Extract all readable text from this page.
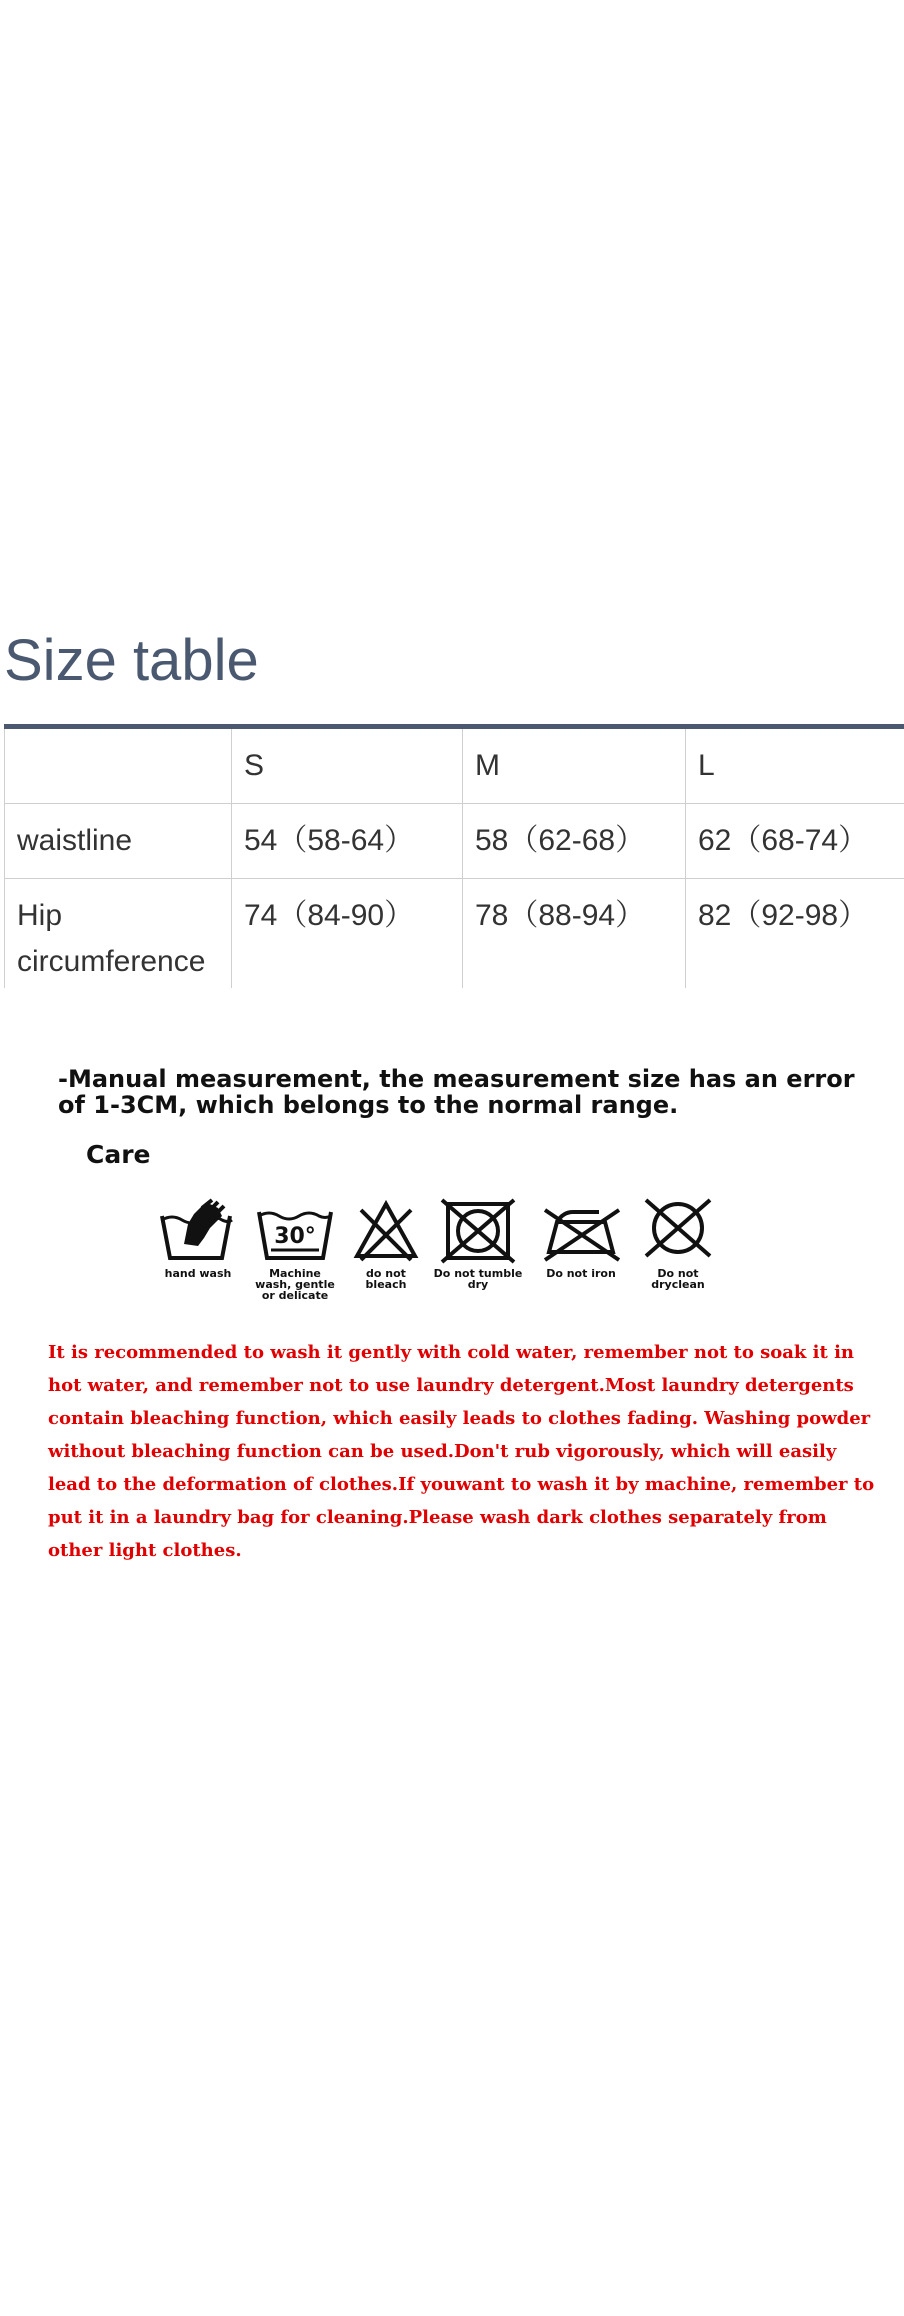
Size table
	S	M	L
waistline	54（58-64）	58（62-68）	62（68-74）
Hip circumference	74（84-90）	78（88-94）	82（92-98）

-Manual measurement, the measurement size has an error of 1-3CM, which belongs to the normal range.

Care
hand wash
30°
Machine wash, gentle or delicate
do not bleach
Do not tumble dry
Do not iron	Do not dryclean

It is recommended to wash it gently with cold water, remember not to soak it in hot water, and remember not to use laundry detergent.Most laundry detergents contain bleaching function, which easily leads to clothes fading. Washing powder without bleaching function can be used.Don't rub vigorously, which will easily lead to the deformation of clothes.If youwant to wash it by machine, remember to put it in a laundry bag for cleaning.Please wash dark clothes separately from other light clothes.
